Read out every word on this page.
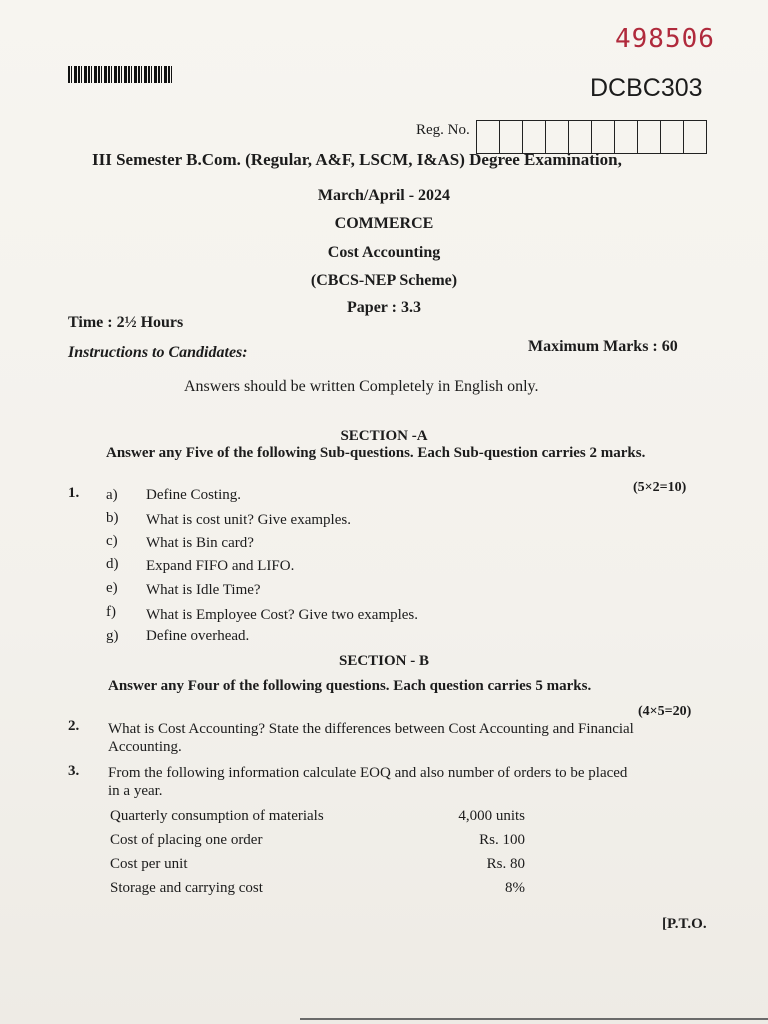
498506
DCBC303
Reg. No.
III Semester B.Com. (Regular, A&F, LSCM, I&AS) Degree Examination,
March/April - 2024
COMMERCE
Cost Accounting
(CBCS-NEP Scheme)
Paper : 3.3
Time : 2½ Hours
Maximum Marks : 60
Instructions to Candidates:
Answers should be written Completely in English only.
SECTION -A
Answer any Five of the following Sub-questions. Each Sub-question carries 2 marks.
(5×2=10)
1. a) Define Costing.
b) What is cost unit? Give examples.
c) What is Bin card?
d) Expand FIFO and LIFO.
e) What is Idle Time?
f) What is Employee Cost? Give two examples.
g) Define overhead.
SECTION - B
Answer any Four of the following questions. Each question carries 5 marks.
(4×5=20)
2. What is Cost Accounting? State the differences between Cost Accounting and Financial
Accounting.
3. From the following information calculate EOQ and also number of orders to be placed
in a year.
Quarterly consumption of materials	4,000 units
Cost of placing one order	Rs. 100
Cost per unit	Rs. 80
Storage and carrying cost	8%
[P.T.O.
